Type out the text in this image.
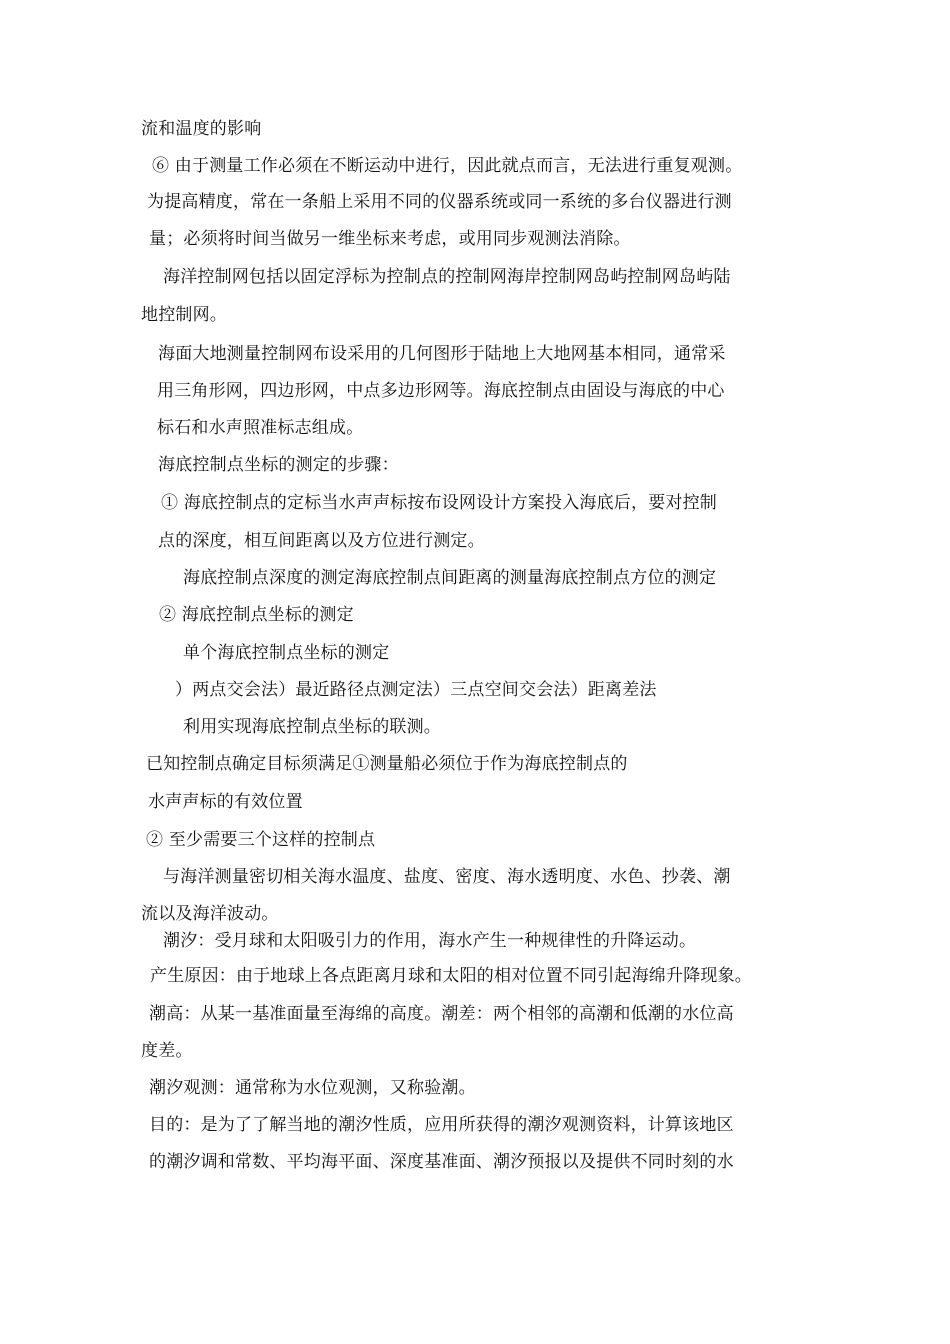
流和温度的影响
⑥ 由于测量工作必须在不断运动中进行，因此就点而言，无法进行重复观测。
为提高精度，常在一条船上采用不同的仪器系统或同一系统的多台仪器进行测
量；必须将时间当做另一维坐标来考虑，或用同步观测法消除。
海洋控制网包括以固定浮标为控制点的控制网海岸控制网岛屿控制网岛屿陆
地控制网。
海面大地测量控制网布设采用的几何图形于陆地上大地网基本相同，通常采
用三角形网，四边形网，中点多边形网等。海底控制点由固设与海底的中心
标石和水声照准标志组成。
海底控制点坐标的测定的步骤：
① 海底控制点的定标当水声声标按布设网设计方案投入海底后，要对控制
点的深度，相互间距离以及方位进行测定。
海底控制点深度的测定海底控制点间距离的测量海底控制点方位的测定
② 海底控制点坐标的测定
单个海底控制点坐标的测定
）两点交会法）最近路径点测定法）三点空间交会法）距离差法
利用实现海底控制点坐标的联测。
已知控制点确定目标须满足①测量船必须位于作为海底控制点的
水声声标的有效位置
② 至少需要三个这样的控制点
与海洋测量密切相关海水温度、盐度、密度、海水透明度、水色、抄袭、潮
流以及海洋波动。
潮汐：受月球和太阳吸引力的作用，海水产生一种规律性的升降运动。
产生原因：由于地球上各点距离月球和太阳的相对位置不同引起海绵升降现象。
潮高：从某一基准面量至海绵的高度。潮差：两个相邻的高潮和低潮的水位高
度差。
潮汐观测：通常称为水位观测，又称验潮。
目的：是为了了解当地的潮汐性质，应用所获得的潮汐观测资料，计算该地区
的潮汐调和常数、平均海平面、深度基准面、潮汐预报以及提供不同时刻的水
